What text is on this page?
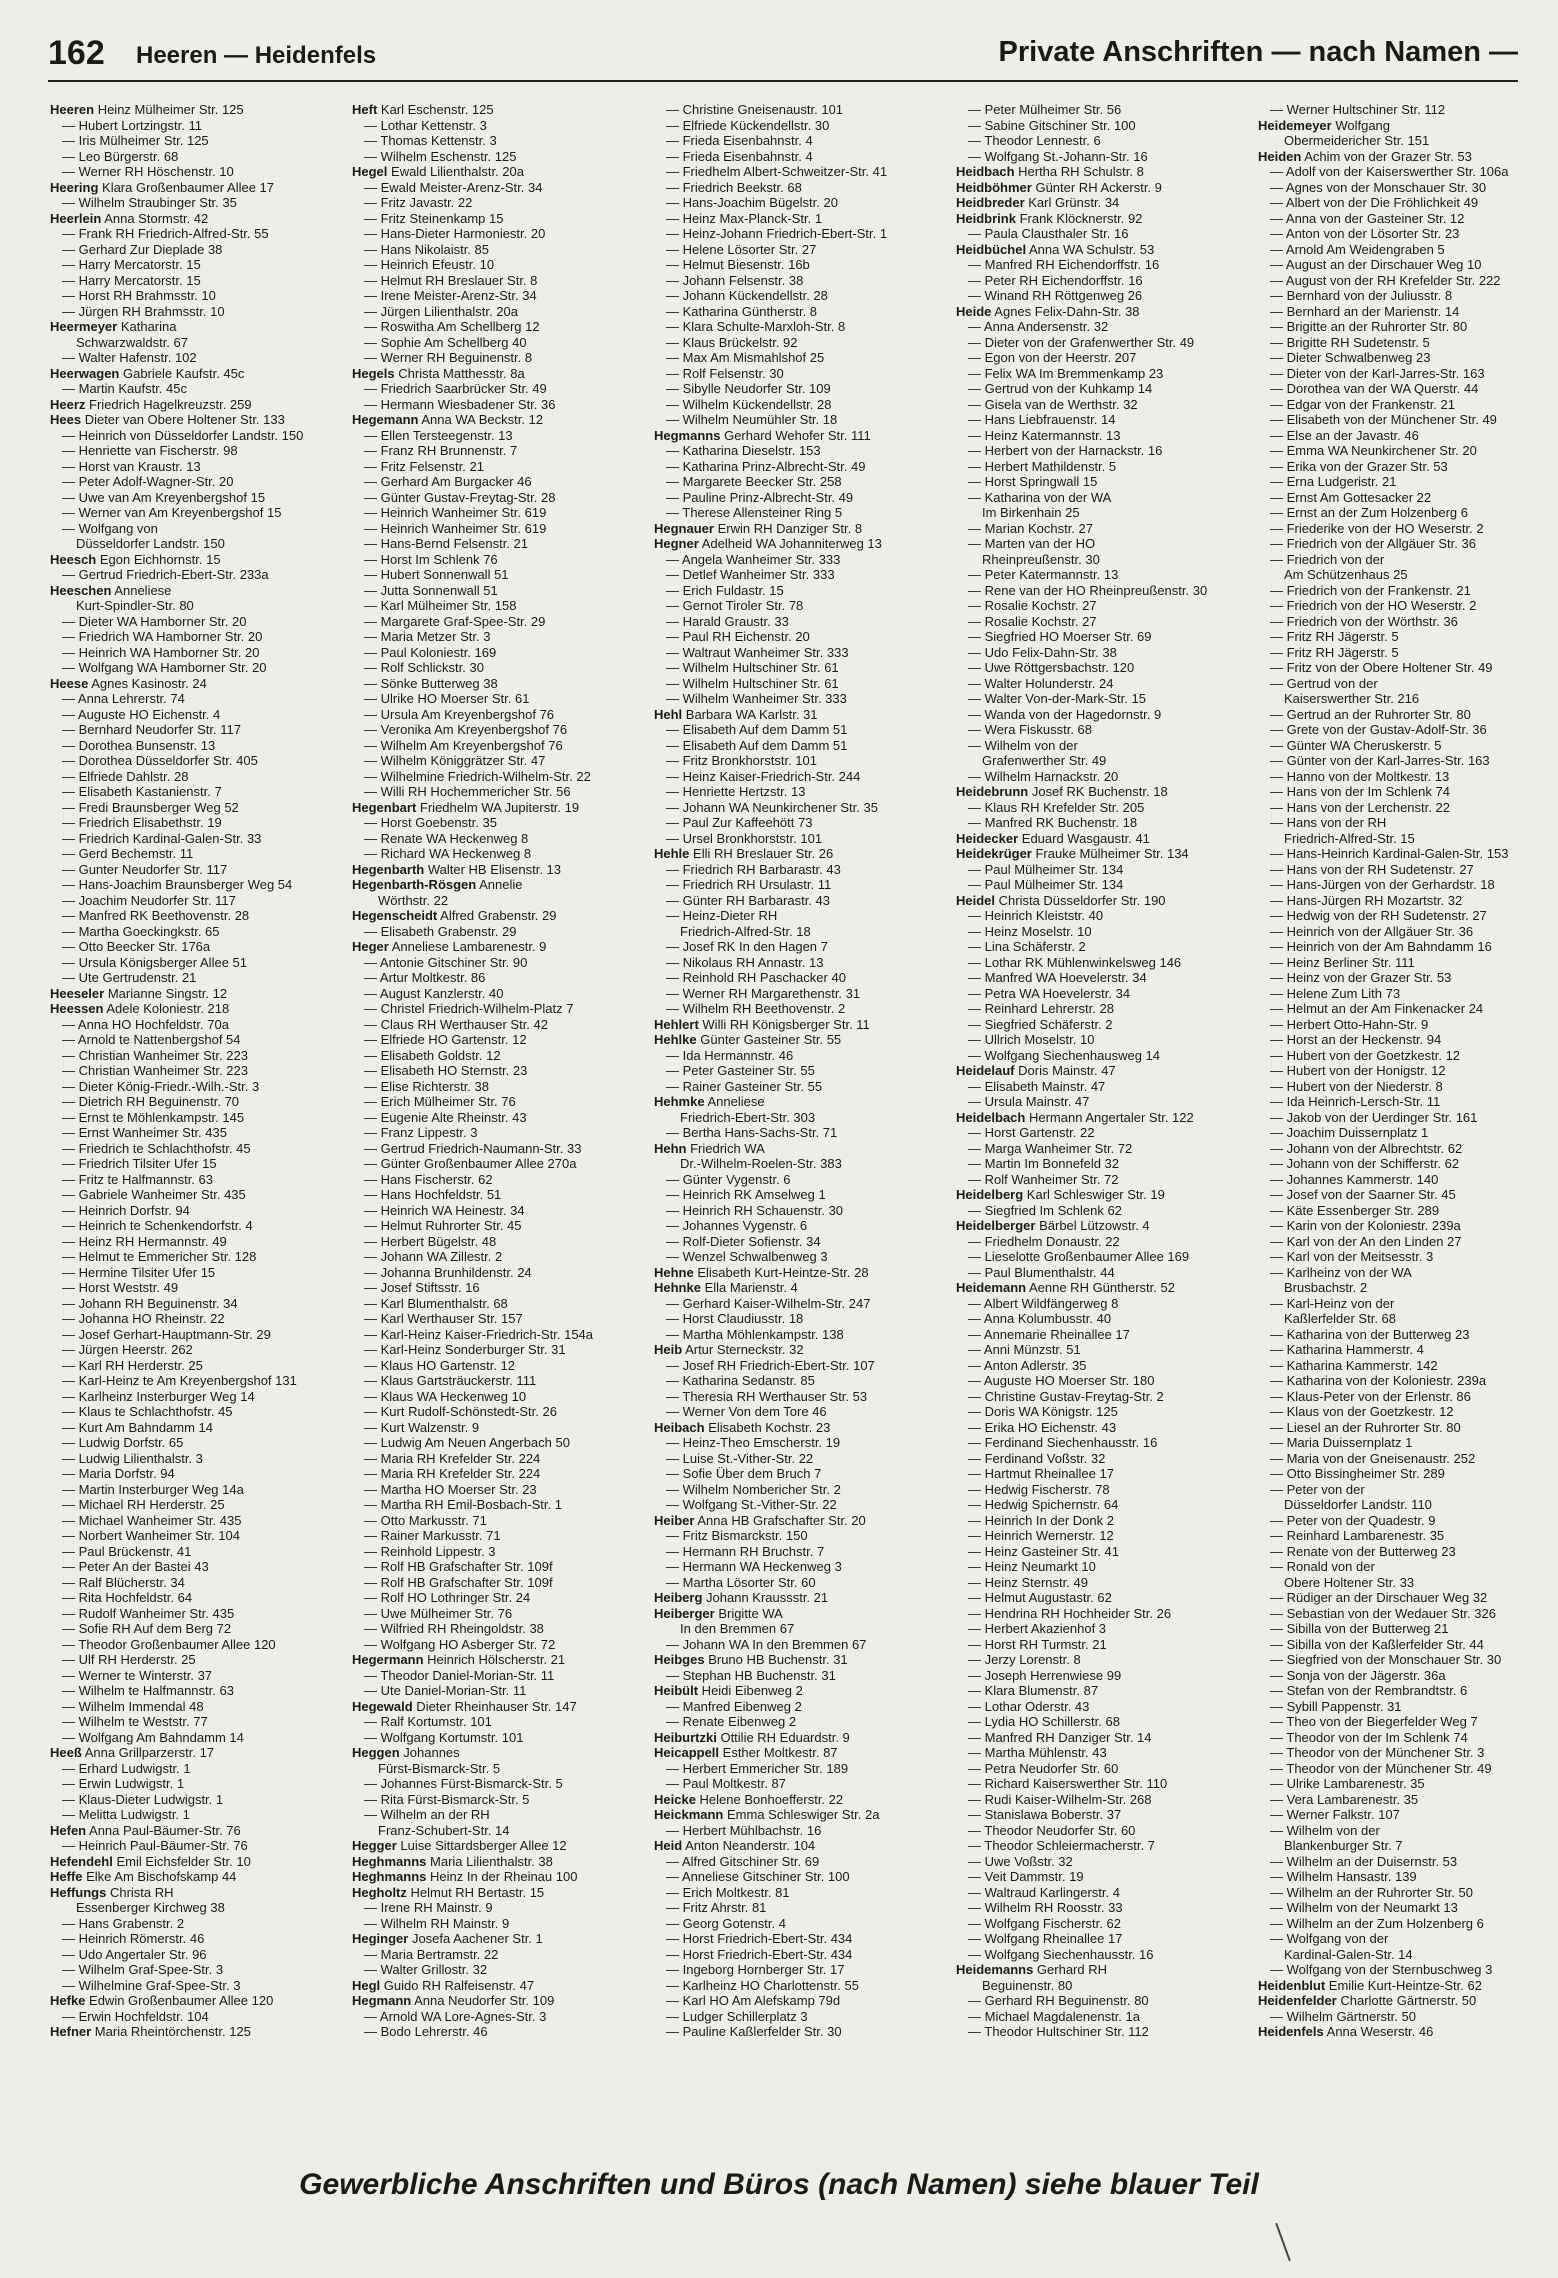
162 Heeren — Heidenfels	Private Anschriften — nach Namen —
Heeren Heinz Mülheimer Str. 125
— Hubert Lortzingstr. 11
— Iris Mülheimer Str. 125
— Leo Bürgerstr. 68
— Werner RH Höschenstr. 10
Heering Klara Großenbaumer Allee 17
— Wilhelm Straubinger Str. 35
Heerlein Anna Stormstr. 42
— Frank RH Friedrich-Alfred-Str. 55
— Gerhard Zur Dieplade 38
— Harry Mercatorstr. 15
— Harry Mercatorstr. 15
— Horst RH Brahmsstr. 10
— Jürgen RH Brahmsstr. 10
Heermeyer Katharina
Schwarzwaldstr. 67
— Walter Hafenstr. 102
Heerwagen Gabriele Kaufstr. 45c
— Martin Kaufstr. 45c
Heerz Friedrich Hagelkreuzstr. 259
Hees Dieter van Obere Holtener Str. 133
— Heinrich von Düsseldorfer Landstr. 150
— Henriette van Fischerstr. 98
— Horst van Kraustr. 13
— Peter Adolf-Wagner-Str. 20
— Uwe van Am Kreyenbergshof 15
— Werner van Am Kreyenbergshof 15
— Wolfgang von
Düsseldorfer Landstr. 150
Heesch Egon Eichhornstr. 15
— Gertrud Friedrich-Ebert-Str. 233a
Heeschen Anneliese
Kurt-Spindler-Str. 80
— Dieter WA Hamborner Str. 20
— Friedrich WA Hamborner Str. 20
— Heinrich WA Hamborner Str. 20
— Wolfgang WA Hamborner Str. 20
Heese Agnes Kasinostr. 24
— Anna Lehrerstr. 74
— Auguste HO Eichenstr. 4
— Bernhard Neudorfer Str. 117
— Dorothea Bunsenstr. 13
— Dorothea Düsseldorfer Str. 405
— Elfriede Dahlstr. 28
— Elisabeth Kastanienstr. 7
— Fredi Braunsberger Weg 52
— Friedrich Elisabethstr. 19
— Friedrich Kardinal-Galen-Str. 33
— Gerd Bechemstr. 11
— Gunter Neudorfer Str. 117
— Hans-Joachim Braunsberger Weg 54
— Joachim Neudorfer Str. 117
— Manfred RK Beethovenstr. 28
— Martha Goeckingkstr. 65
— Otto Beecker Str. 176a
— Ursula Königsberger Allee 51
— Ute Gertrudenstr. 21
Heeseler Marianne Singstr. 12
Heessen Adele Koloniestr. 218
— Anna HO Hochfeldstr. 70a
— Arnold te Nattenbergshof 54
— Christian Wanheimer Str. 223
— Christian Wanheimer Str. 223
— Dieter König-Friedr.-Wilh.-Str. 3
— Dietrich RH Beguinenstr. 70
— Ernst te Möhlenkampstr. 145
— Ernst Wanheimer Str. 435
— Friedrich te Schlachthofstr. 45
— Friedrich Tilsiter Ufer 15
— Fritz te Halfmannstr. 63
— Gabriele Wanheimer Str. 435
— Heinrich Dorfstr. 94
— Heinrich te Schenkendorfstr. 4
— Heinz RH Hermannstr. 49
— Helmut te Emmericher Str. 128
— Hermine Tilsiter Ufer 15
— Horst Weststr. 49
— Johann RH Beguinenstr. 34
— Johanna HO Rheinstr. 22
— Josef Gerhart-Hauptmann-Str. 29
— Jürgen Heerstr. 262
— Karl RH Herderstr. 25
— Karl-Heinz te Am Kreyenbergshof 131
— Karlheinz Insterburger Weg 14
— Klaus te Schlachthofstr. 45
— Kurt Am Bahndamm 14
— Ludwig Dorfstr. 65
— Ludwig Lilienthalstr. 3
— Maria Dorfstr. 94
— Martin Insterburger Weg 14a
— Michael RH Herderstr. 25
— Michael Wanheimer Str. 435
— Norbert Wanheimer Str. 104
— Paul Brückenstr. 41
— Peter An der Bastei 43
— Ralf Blücherstr. 34
— Rita Hochfeldstr. 64
— Rudolf Wanheimer Str. 435
— Sofie RH Auf dem Berg 72
— Theodor Großenbaumer Allee 120
— Ulf RH Herderstr. 25
— Werner te Winterstr. 37
— Wilhelm te Halfmannstr. 63
— Wilhelm Immendal 48
— Wilhelm te Weststr. 77
— Wolfgang Am Bahndamm 14
Heeß Anna Grillparzerstr. 17
— Erhard Ludwigstr. 1
— Erwin Ludwigstr. 1
— Klaus-Dieter Ludwigstr. 1
— Melitta Ludwigstr. 1
Hefen Anna Paul-Bäumer-Str. 76
— Heinrich Paul-Bäumer-Str. 76
Hefendehl Emil Eichsfelder Str. 10
Heffe Elke Am Bischofskamp 44
Heffungs Christa RH
Essenberger Kirchweg 38
— Hans Grabenstr. 2
— Heinrich Römerstr. 46
— Udo Angertaler Str. 96
— Wilhelm Graf-Spee-Str. 3
— Wilhelmine Graf-Spee-Str. 3
Hefke Edwin Großenbaumer Allee 120
— Erwin Hochfeldstr. 104
Hefner Maria Rheintörchenstr. 125
Heft Karl Eschenstr. 125
— Lothar Kettenstr. 3
— Thomas Kettenstr. 3
— Wilhelm Eschenstr. 125
Hegel Ewald Lilienthalstr. 20a
— Ewald Meister-Arenz-Str. 34
— Fritz Javastr. 22
— Fritz Steinenkamp 15
— Hans-Dieter Harmoniestr. 20
— Hans Nikolaistr. 85
— Heinrich Efeustr. 10
— Helmut RH Breslauer Str. 8
— Irene Meister-Arenz-Str. 34
— Jürgen Lilienthalstr. 20a
— Roswitha Am Schellberg 12
— Sophie Am Schellberg 40
— Werner RH Beguinenstr. 8
Hegels Christa Matthesstr. 8a
— Friedrich Saarbrücker Str. 49
— Hermann Wiesbadener Str. 36
Hegemann Anna WA Beckstr. 12
— Ellen Tersteegenstr. 13
— Franz RH Brunnenstr. 7
— Fritz Felsenstr. 21
— Gerhard Am Burgacker 46
— Günter Gustav-Freytag-Str. 28
— Heinrich Wanheimer Str. 619
— Heinrich Wanheimer Str. 619
— Hans-Bernd Felsenstr. 21
— Horst Im Schlenk 76
— Hubert Sonnenwall 51
— Jutta Sonnenwall 51
— Karl Mülheimer Str. 158
— Margarete Graf-Spee-Str. 29
— Maria Metzer Str. 3
— Paul Koloniestr. 169
— Rolf Schlickstr. 30
— Sönke Butterweg 38
— Ulrike HO Moerser Str. 61
— Ursula Am Kreyenbergshof 76
— Veronika Am Kreyenbergshof 76
— Wilhelm Am Kreyenbergshof 76
— Wilhelm Königgrätzer Str. 47
— Wilhelmine Friedrich-Wilhelm-Str. 22
— Willi RH Hochemmericher Str. 56
Hegenbart Friedhelm WA Jupiterstr. 19
— Horst Goebenstr. 35
— Renate WA Heckenweg 8
— Richard WA Heckenweg 8
Hegenbarth Walter HB Elisenstr. 13
Hegenbarth-Rösgen Annelie
Wörthstr. 22
Hegenscheidt Alfred Grabenstr. 29
— Elisabeth Grabenstr. 29
Heger Anneliese Lambarenestr. 9
— Antonie Gitschiner Str. 90
— Artur Moltkestr. 86
— August Kanzlerstr. 40
— Christel Friedrich-Wilhelm-Platz 7
— Claus RH Werthauser Str. 42
— Elfriede HO Gartenstr. 12
— Elisabeth Goldstr. 12
— Elisabeth HO Sternstr. 23
— Elise Richterstr. 38
— Erich Mülheimer Str. 76
— Eugenie Alte Rheinstr. 43
— Franz Lippestr. 3
— Gertrud Friedrich-Naumann-Str. 33
— Günter Großenbaumer Allee 270a
— Hans Fischerstr. 62
— Hans Hochfeldstr. 51
— Heinrich WA Heinestr. 34
— Helmut Ruhrorter Str. 45
— Herbert Bügelstr. 48
— Johann WA Zillestr. 2
— Johanna Brunhildenstr. 24
— Josef Stiftsstr. 16
— Karl Blumenthalstr. 68
— Karl Werthauser Str. 157
— Karl-Heinz Kaiser-Friedrich-Str. 154a
— Karl-Heinz Sonderburger Str. 31
— Klaus HO Gartenstr. 12
— Klaus Gartsträuckerstr. 111
— Klaus WA Heckenweg 10
— Kurt Rudolf-Schönstedt-Str. 26
— Kurt Walzenstr. 9
— Ludwig Am Neuen Angerbach 50
— Maria RH Krefelder Str. 224
— Maria RH Krefelder Str. 224
— Martha HO Moerser Str. 23
— Martha RH Emil-Bosbach-Str. 1
— Otto Markusstr. 71
— Rainer Markusstr. 71
— Reinhold Lippestr. 3
— Rolf HB Grafschafter Str. 109f
— Rolf HB Grafschafter Str. 109f
— Rolf HO Lothringer Str. 24
— Uwe Mülheimer Str. 76
— Wilfried RH Rheingoldstr. 38
— Wolfgang HO Asberger Str. 72
Hegermann Heinrich Hölscherstr. 21
— Theodor Daniel-Morian-Str. 11
— Ute Daniel-Morian-Str. 11
Hegewald Dieter Rheinhauser Str. 147
— Ralf Kortumstr. 101
— Wolfgang Kortumstr. 101
Heggen Johannes
Fürst-Bismarck-Str. 5
— Johannes Fürst-Bismarck-Str. 5
— Rita Fürst-Bismarck-Str. 5
— Wilhelm an der RH
Franz-Schubert-Str. 14
Hegger Luise Sittardsberger Allee 12
Heghmanns Maria Lilienthalstr. 38
Heghmanns Heinz In der Rheinau 100
Hegholtz Helmut RH Bertastr. 15
— Irene RH Mainstr. 9
— Wilhelm RH Mainstr. 9
Heginger Josefa Aachener Str. 1
— Maria Bertramstr. 22
— Walter Grillostr. 32
Hegl Guido RH Ralfeisenstr. 47
Hegmann Anna Neudorfer Str. 109
— Arnold WA Lore-Agnes-Str. 3
— Bodo Lehrerstr. 46
— Christine Gneisenaustr. 101
— Elfriede Kückendellstr. 30
— Frieda Eisenbahnstr. 4
— Frieda Eisenbahnstr. 4
— Friedhelm Albert-Schweitzer-Str. 41
— Friedrich Beekstr. 68
— Hans-Joachim Bügelstr. 20
— Heinz Max-Planck-Str. 1
— Heinz-Johann Friedrich-Ebert-Str. 1
— Helene Lösorter Str. 27
— Helmut Biesenstr. 16b
— Johann Felsenstr. 38
— Johann Kückendellstr. 28
— Katharina Güntherstr. 8
— Klara Schulte-Marxloh-Str. 8
— Klaus Brückelstr. 92
— Max Am Mismahlshof 25
— Rolf Felsenstr. 30
— Sibylle Neudorfer Str. 109
— Wilhelm Kückendellstr. 28
— Wilhelm Neumühler Str. 18
Hegmanns Gerhard Wehofer Str. 111
— Katharina Dieselstr. 153
— Katharina Prinz-Albrecht-Str. 49
— Margarete Beecker Str. 258
— Pauline Prinz-Albrecht-Str. 49
— Therese Allensteiner Ring 5
Hegnauer Erwin RH Danziger Str. 8
Hegner Adelheid WA Johanniterweg 13
— Angela Wanheimer Str. 333
— Detlef Wanheimer Str. 333
— Erich Fuldastr. 15
— Gernot Tiroler Str. 78
— Harald Graustr. 33
— Paul RH Eichenstr. 20
— Waltraut Wanheimer Str. 333
— Wilhelm Hultschiner Str. 61
— Wilhelm Hultschiner Str. 61
— Wilhelm Wanheimer Str. 333
Hehl Barbara WA Karlstr. 31
— Elisabeth Auf dem Damm 51
— Elisabeth Auf dem Damm 51
— Fritz Bronkhorststr. 101
— Heinz Kaiser-Friedrich-Str. 244
— Henriette Hertzstr. 13
— Johann WA Neunkirchener Str. 35
— Paul Zur Kaffeehött 73
— Ursel Bronkhorststr. 101
Hehle Elli RH Breslauer Str. 26
— Friedrich RH Barbarastr. 43
— Friedrich RH Ursulastr. 11
— Günter RH Barbarastr. 43
— Heinz-Dieter RH
Friedrich-Alfred-Str. 18
— Josef RK In den Hagen 7
— Nikolaus RH Annastr. 13
— Reinhold RH Paschacker 40
— Werner RH Margarethenstr. 31
— Wilhelm RH Beethovenstr. 2
Hehlert Willi RH Königsberger Str. 11
Hehlke Günter Gasteiner Str. 55
— Ida Hermannstr. 46
— Peter Gasteiner Str. 55
— Rainer Gasteiner Str. 55
Hehmke Anneliese
Friedrich-Ebert-Str. 303
— Bertha Hans-Sachs-Str. 71
Hehn Friedrich WA
Dr.-Wilhelm-Roelen-Str. 383
— Günter Vygenstr. 6
— Heinrich RK Amselweg 1
— Heinrich RH Schauenstr. 30
— Johannes Vygenstr. 6
— Rolf-Dieter Sofienstr. 34
— Wenzel Schwalbenweg 3
Hehne Elisabeth Kurt-Heintze-Str. 28
Hehnke Ella Marienstr. 4
— Gerhard Kaiser-Wilhelm-Str. 247
— Horst Claudiusstr. 18
— Martha Möhlenkampstr. 138
Heib Artur Sterneckstr. 32
— Josef RH Friedrich-Ebert-Str. 107
— Katharina Sedanstr. 85
— Theresia RH Werthauser Str. 53
— Werner Von dem Tore 46
Heibach Elisabeth Kochstr. 23
— Heinz-Theo Emscherstr. 19
— Luise St.-Vither-Str. 22
— Sofie Über dem Bruch 7
— Wilhelm Nombericher Str. 2
— Wolfgang St.-Vither-Str. 22
Heiber Anna HB Grafschafter Str. 20
— Fritz Bismarckstr. 150
— Hermann RH Bruchstr. 7
— Hermann WA Heckenweg 3
— Martha Lösorter Str. 60
Heiberg Johann Kraussstr. 21
Heiberger Brigitte WA
In den Bremmen 67
— Johann WA In den Bremmen 67
Heibges Bruno HB Buchenstr. 31
— Stephan HB Buchenstr. 31
Heibült Heidi Eibenweg 2
— Manfred Eibenweg 2
— Renate Eibenweg 2
Heiburtzki Ottilie RH Eduardstr. 9
Heicappell Esther Moltkestr. 87
— Herbert Emmericher Str. 189
— Paul Moltkestr. 87
Heicke Helene Bonhoefferstr. 22
Heickmann Emma Schleswiger Str. 2a
— Herbert Mühlbachstr. 16
Heid Anton Neanderstr. 104
— Alfred Gitschiner Str. 69
— Anneliese Gitschiner Str. 100
— Erich Moltkestr. 81
— Fritz Ahrstr. 81
— Georg Gotenstr. 4
— Horst Friedrich-Ebert-Str. 434
— Horst Friedrich-Ebert-Str. 434
— Ingeborg Hornberger Str. 17
— Karlheinz HO Charlottenstr. 55
— Karl HO Am Alefskamp 79d
— Ludger Schillerplatz 3
— Pauline Kaßlerfelder Str. 30
— Peter Mülheimer Str. 56
— Sabine Gitschiner Str. 100
— Theodor Lennestr. 6
— Wolfgang St.-Johann-Str. 16
Heidbach Hertha RH Schulstr. 8
Heidböhmer Günter RH Ackerstr. 9
Heidbreder Karl Grünstr. 34
Heidbrink Frank Klöcknerstr. 92
— Paula Clausthaler Str. 16
Heidbüchel Anna WA Schulstr. 53
— Manfred RH Eichendorffstr. 16
— Peter RH Eichendorffstr. 16
— Winand RH Röttgenweg 26
Heide Agnes Felix-Dahn-Str. 38
— Anna Andersenstr. 32
— Dieter von der Grafenwerther Str. 49
— Egon von der Heerstr. 207
— Felix WA Im Bremmenkamp 23
— Gertrud von der Kuhkamp 14
— Gisela van de Werthstr. 32
— Hans Liebfrauenstr. 14
— Heinz Katermannstr. 13
— Herbert von der Harnackstr. 16
— Herbert Mathildenstr. 5
— Horst Springwall 15
— Katharina von der WA
Im Birkenhain 25
— Marian Kochstr. 27
— Marten van der HO
Rheinpreußenstr. 30
— Peter Katermannstr. 13
— Rene van der HO Rheinpreußenstr. 30
— Rosalie Kochstr. 27
— Rosalie Kochstr. 27
— Siegfried HO Moerser Str. 69
— Udo Felix-Dahn-Str. 38
— Uwe Röttgersbachstr. 120
— Walter Holunderstr. 24
— Walter Von-der-Mark-Str. 15
— Wanda von der Hagedornstr. 9
— Wera Fiskusstr. 68
— Wilhelm von der
Grafenwerther Str. 49
— Wilhelm Harnackstr. 20
Heidebrunn Josef RK Buchenstr. 18
— Klaus RH Krefelder Str. 205
— Manfred RK Buchenstr. 18
Heidecker Eduard Wasgaustr. 41
Heidekrüger Frauke Mülheimer Str. 134
— Paul Mülheimer Str. 134
— Paul Mülheimer Str. 134
Heidel Christa Düsseldorfer Str. 190
— Heinrich Kleiststr. 40
— Heinz Moselstr. 10
— Lina Schäferstr. 2
— Lothar RK Mühlenwinkelsweg 146
— Manfred WA Hoevelerstr. 34
— Petra WA Hoevelerstr. 34
— Reinhard Lehrerstr. 28
— Siegfried Schäferstr. 2
— Ullrich Moselstr. 10
— Wolfgang Siechenhausweg 14
Heidelauf Doris Mainstr. 47
— Elisabeth Mainstr. 47
— Ursula Mainstr. 47
Heidelbach Hermann Angertaler Str. 122
— Horst Gartenstr. 22
— Marga Wanheimer Str. 72
— Martin Im Bonnefeld 32
— Rolf Wanheimer Str. 72
Heidelberg Karl Schleswiger Str. 19
— Siegfried Im Schlenk 62
Heidelberger Bärbel Lützowstr. 4
— Friedhelm Donaustr. 22
— Lieselotte Großenbaumer Allee 169
— Paul Blumenthalstr. 44
Heidemann Aenne RH Güntherstr. 52
— Albert Wildfängerweg 8
— Anna Kolumbusstr. 40
— Annemarie Rheinallee 17
— Anni Münzstr. 51
— Anton Adlerstr. 35
— Auguste HO Moerser Str. 180
— Christine Gustav-Freytag-Str. 2
— Doris WA Königstr. 125
— Erika HO Eichenstr. 43
— Ferdinand Siechenhausstr. 16
— Ferdinand Voßstr. 32
— Hartmut Rheinallee 17
— Hedwig Fischerstr. 78
— Hedwig Spichernstr. 64
— Heinrich In der Donk 2
— Heinrich Wernerstr. 12
— Heinz Gasteiner Str. 41
— Heinz Neumarkt 10
— Heinz Sternstr. 49
— Helmut Augustastr. 62
— Hendrina RH Hochheider Str. 26
— Herbert Akazienhof 3
— Horst RH Turmstr. 21
— Jerzy Lorenstr. 8
— Joseph Herrenwiese 99
— Klara Blumenstr. 87
— Lothar Oderstr. 43
— Lydia HO Schillerstr. 68
— Manfred RH Danziger Str. 14
— Martha Mühlenstr. 43
— Petra Neudorfer Str. 60
— Richard Kaiserswerther Str. 110
— Rudi Kaiser-Wilhelm-Str. 268
— Stanislawa Boberstr. 37
— Theodor Neudorfer Str. 60
— Theodor Schleiermacherstr. 7
— Uwe Voßstr. 32
— Veit Dammstr. 19
— Waltraud Karlingerstr. 4
— Wilhelm RH Roosstr. 33
— Wolfgang Fischerstr. 62
— Wolfgang Rheinallee 17
— Wolfgang Siechenhausstr. 16
Heidemanns Gerhard RH
Beguinenstr. 80
— Gerhard RH Beguinenstr. 80
— Michael Magdalenenstr. 1a
— Theodor Hultschiner Str. 112
— Werner Hultschiner Str. 112
Heidemeyer Wolfgang
Obermeidericher Str. 151
Heiden Achim von der Grazer Str. 53
— Adolf von der Kaiserswerther Str. 106a
— Agnes von der Monschauer Str. 30
— Albert von der Die Fröhlichkeit 49
— Anna von der Gasteiner Str. 12
— Anton von der Lösorter Str. 23
— Arnold Am Weidengraben 5
— August an der Dirschauer Weg 10
— August von der RH Krefelder Str. 222
— Bernhard von der Juliusstr. 8
— Bernhard an der Marienstr. 14
— Brigitte an der Ruhrorter Str. 80
— Brigitte RH Sudetenstr. 5
— Dieter Schwalbenweg 23
— Dieter von der Karl-Jarres-Str. 163
— Dorothea van der WA Querstr. 44
— Edgar von der Frankenstr. 21
— Elisabeth von der Münchener Str. 49
— Else an der Javastr. 46
— Emma WA Neunkirchener Str. 20
— Erika von der Grazer Str. 53
— Erna Ludgeristr. 21
— Ernst Am Gottesacker 22
— Ernst an der Zum Holzenberg 6
— Friederike von der HO Weserstr. 2
— Friedrich von der Allgäuer Str. 36
— Friedrich von der
Am Schützenhaus 25
— Friedrich von der Frankenstr. 21
— Friedrich von der HO Weserstr. 2
— Friedrich von der Wörthstr. 36
— Fritz RH Jägerstr. 5
— Fritz RH Jägerstr. 5
— Fritz von der Obere Holtener Str. 49
— Gertrud von der
Kaiserswerther Str. 216
— Gertrud an der Ruhrorter Str. 80
— Grete von der Gustav-Adolf-Str. 36
— Günter WA Cheruskerstr. 5
— Günter von der Karl-Jarres-Str. 163
— Hanno von der Moltkestr. 13
— Hans von der Im Schlenk 74
— Hans von der Lerchenstr. 22
— Hans von der RH
Friedrich-Alfred-Str. 15
— Hans-Heinrich Kardinal-Galen-Str. 153
— Hans von der RH Sudetenstr. 27
— Hans-Jürgen von der Gerhardstr. 18
— Hans-Jürgen RH Mozartstr. 32
— Hedwig von der RH Sudetenstr. 27
— Heinrich von der Allgäuer Str. 36
— Heinrich von der Am Bahndamm 16
— Heinz Berliner Str. 111
— Heinz von der Grazer Str. 53
— Helene Zum Lith 73
— Helmut an der Am Finkenacker 24
— Herbert Otto-Hahn-Str. 9
— Horst an der Heckenstr. 94
— Hubert von der Goetzkestr. 12
— Hubert von der Honigstr. 12
— Hubert von der Niederstr. 8
— Ida Heinrich-Lersch-Str. 11
— Jakob von der Uerdinger Str. 161
— Joachim Duissernplatz 1
— Johann von der Albrechtstr. 62
— Johann von der Schifferstr. 62
— Johannes Kammerstr. 140
— Josef von der Saarner Str. 45
— Käte Essenberger Str. 289
— Karin von der Koloniestr. 239a
— Karl von der An den Linden 27
— Karl von der Meitsesstr. 3
— Karlheinz von der WA
Brusbachstr. 2
— Karl-Heinz von der
Kaßlerfelder Str. 68
— Katharina von der Butterweg 23
— Katharina Hammerstr. 4
— Katharina Kammerstr. 142
— Katharina von der Koloniestr. 239a
— Klaus-Peter von der Erlenstr. 86
— Klaus von der Goetzkestr. 12
— Liesel an der Ruhrorter Str. 80
— Maria Duissernplatz 1
— Maria von der Gneisenaustr. 252
— Otto Bissingheimer Str. 289
— Peter von der
Düsseldorfer Landstr. 110
— Peter von der Quadestr. 9
— Reinhard Lambarenestr. 35
— Renate von der Butterweg 23
— Ronald von der
Obere Holtener Str. 33
— Rüdiger an der Dirschauer Weg 32
— Sebastian von der Wedauer Str. 326
— Sibilla von der Butterweg 21
— Sibilla von der Kaßlerfelder Str. 44
— Siegfried von der Monschauer Str. 30
— Sonja von der Jägerstr. 36a
— Stefan von der Rembrandtstr. 6
— Sybill Pappenstr. 31
— Theo von der Biegerfelder Weg 7
— Theodor von der Im Schlenk 74
— Theodor von der Münchener Str. 3
— Theodor von der Münchener Str. 49
— Ulrike Lambarenestr. 35
— Vera Lambarenestr. 35
— Werner Falkstr. 107
— Wilhelm von der
Blankenburger Str. 7
— Wilhelm an der Duisernstr. 53
— Wilhelm Hansastr. 139
— Wilhelm an der Ruhrorter Str. 50
— Wilhelm von der Neumarkt 13
— Wilhelm an der Zum Holzenberg 6
— Wolfgang von der
Kardinal-Galen-Str. 14
— Wolfgang von der Sternbuschweg 3
Heidenblut Emilie Kurt-Heintze-Str. 62
Heidenfelder Charlotte Gärtnerstr. 50
— Wilhelm Gärtnerstr. 50
Heidenfels Anna Weserstr. 46
Gewerbliche Anschriften und Büros (nach Namen) siehe blauer Teil
